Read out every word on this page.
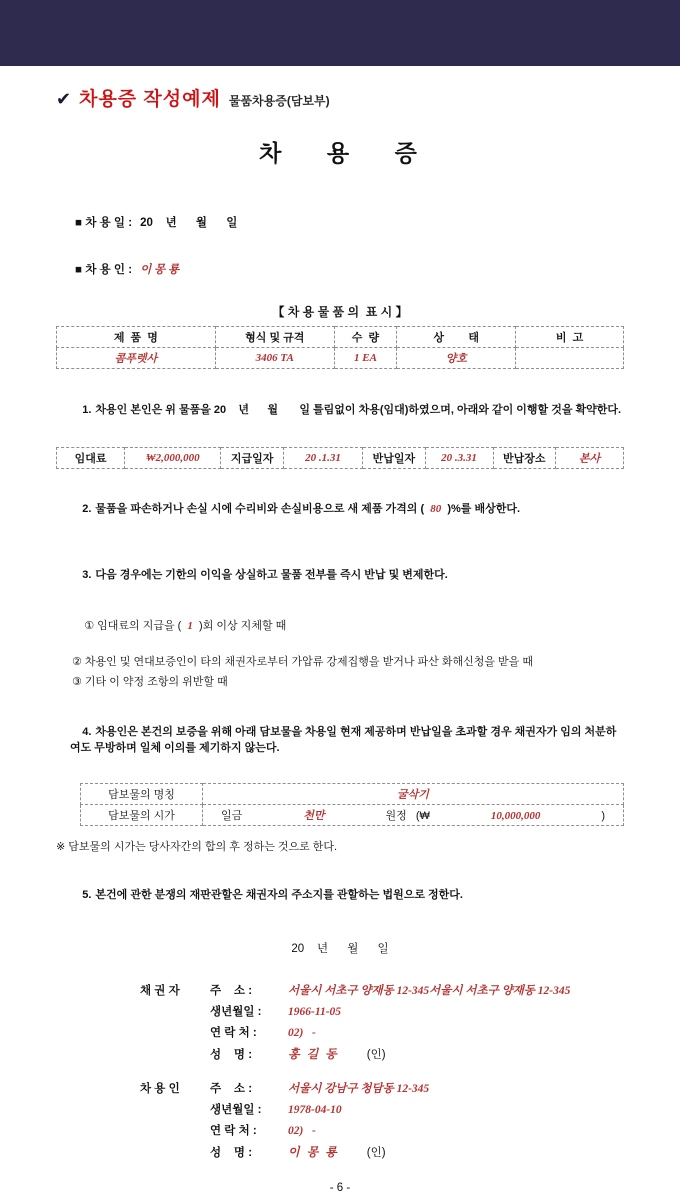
✔ 차용증 작성예제 물품차용증(담보부)
차    용    증

■ 차 용 일 : 20    년      월      일

■ 차 용 인 : 이 몽 룡

【 차 용 물 품 의  표 시 】
제  품  명	형식 및 규격	수  량	상        태	비  고
콤푸렛사	3406 TA	1 EA	양호	

1. 차용인 본인은 위 물품을 20    년      월       일 틀림없이 차용(임대)하였으며, 아래와 같이 이행할 것을 확약한다.

임대료	₩2,000,000	지급일자	20 .1.31	반납일자	20 .3.31	반납장소	본사

2. 물품을 파손하거나 손실 시에 수리비와 손실비용으로 새 제품 가격의 (  80  )%를 배상한다.

3. 다음 경우에는 기한의 이익을 상실하고 물품 전부를 즉시 반납 및 변제한다.

① 임대료의 지급을 (  1  )회 이상 지체할 때

② 차용인 및 연대보증인이 타의 채권자로부터 가압류 강제집행을 받거나 파산 화해신청을 받을 때
③ 기타 이 약정 조항의 위반할 때

4. 차용인은 본건의 보증을 위해 아래 담보물을 차용일 현재 제공하며 반납일을 초과할 경우 채권자가 임의 처분하여도 무방하며 일체 이의를 제기하지 않는다.

담보물의 명칭	굴삭기
담보물의 시가	일금 천만 원정   (₩ 10,000,000 )
※ 담보물의 시가는 당사자간의 합의 후 정하는 것으로 한다.

5. 본건에 관한 분쟁의 재판관할은 채권자의 주소지를 관할하는 법원으로 정한다.

20    년      월      일
채 권 자	주    소 :	서울시 서초구 양재동 12-345서울시 서초구 양재동 12-345
생년월일 :	1966-11-05
연 락 처 :	02)   -
성    명 :	홍 길 동 (인)
차 용 인	주    소 :	서울시 강남구 청담동 12-345
생년월일 :	1978-04-10
연 락 처 :	02)   -
성    명 :	이 몽 룡 (인)
- 6 -
